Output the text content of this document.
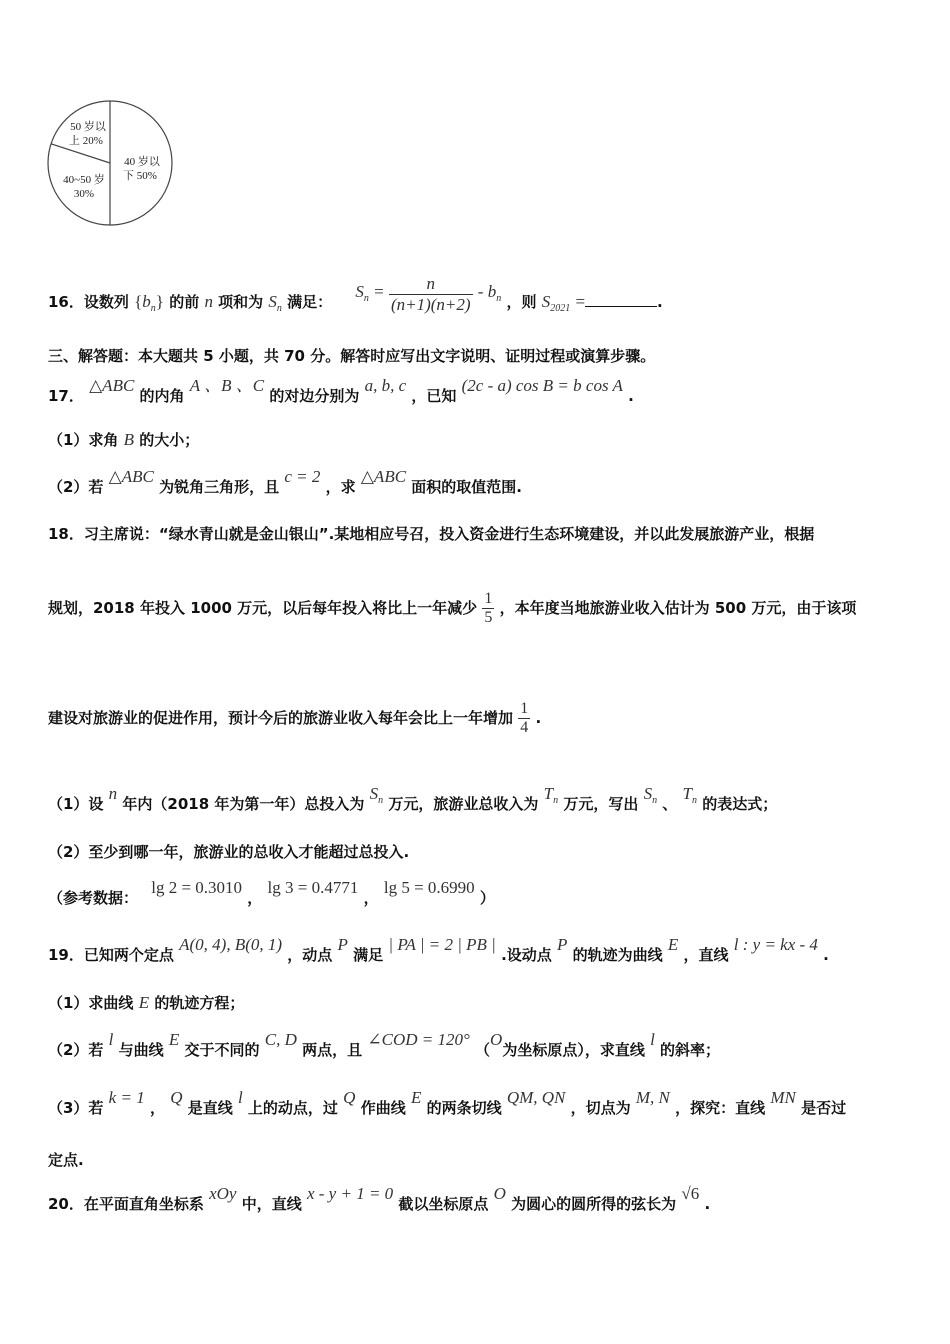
50 岁以
上 20%
40~50 岁
30%
40 岁以
下 50%
16．设数列 $\{b_n\}$ 的前 n 项和为 $S_n$ 满足： $S_n = \frac{n}{(n+1)(n+2)} - b_n$ ，则 $S_{2021}$ =	.
三、解答题：本大题共 5 小题，共 70 分。解答时应写出文字说明、证明过程或演算步骤。
17． △ABC 的内角 A 、B 、C 的对边分别为 a, b, c ，已知 (2c - a) cos B = b cos A .
（1）求角 B 的大小；
（2）若 △ABC 为锐角三角形，且 c = 2 ，求 △ABC 面积的取值范围.
18．习主席说：“绿水青山就是金山银山”.某地相应号召，投入资金进行生态环境建设，并以此发展旅游产业，根据
规划，2018 年投入 1000 万元，以后每年投入将比上一年减少 $\frac{1}{5}$ ，本年度当地旅游业收入估计为 500 万元，由于该项
建设对旅游业的促进作用，预计今后的旅游业收入每年会比上一年增加 $\frac{1}{4}$ .
（1）设 n 年内（2018 年为第一年）总投入为 $S_n$ 万元，旅游业总收入为 $T_n$ 万元，写出 $S_n$ 、 $T_n$ 的表达式；
（2）至少到哪一年，旅游业的总收入才能超过总投入.
（参考数据： lg 2 = 0.3010 ， lg 3 = 0.4771 ， lg 5 = 0.6990 ）
19．已知两个定点 A(0, 4), B(0, 1) ，动点 P 满足 | PA | = 2 | PB | .设动点 P 的轨迹为曲线 E ，直线 l : y = kx - 4 .
（1）求曲线 E 的轨迹方程；
（2）若 l 与曲线 E 交于不同的 C, D 两点，且 ∠COD = 120° （O为坐标原点），求直线 l 的斜率；
（3）若 k = 1 ， Q 是直线 l 上的动点，过 Q 作曲线 E 的两条切线 QM, QN ，切点为 M, N ，探究：直线 MN 是否过
定点.
20．在平面直角坐标系 xOy 中，直线 x - y + 1 = 0 截以坐标原点 O 为圆心的圆所得的弦长为 √6 .
